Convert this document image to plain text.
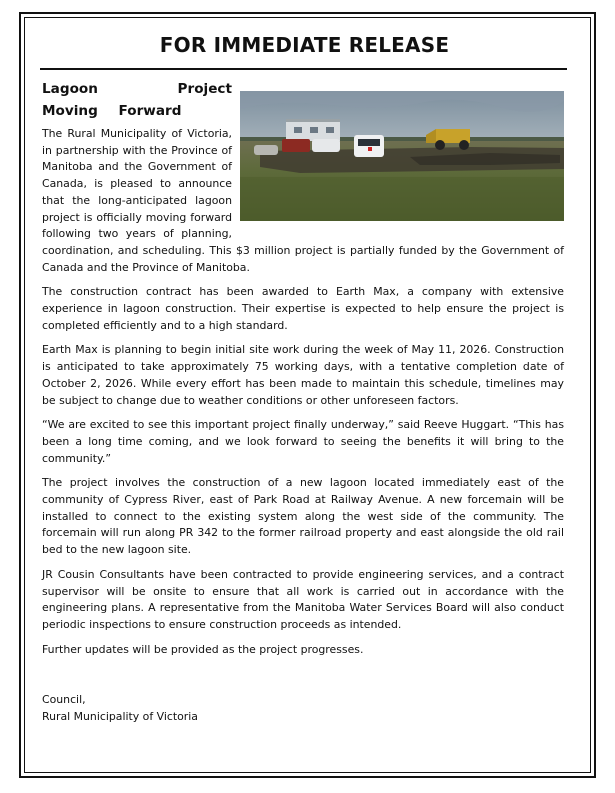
FOR IMMEDIATE RELEASE
Lagoon Project Moving Forward

The Rural Municipality of Victoria, in partnership with the Province of Manitoba and the Government of Canada, is pleased to announce that the long-anticipated lagoon project is officially moving forward following two years of planning, coordination, and scheduling. This $3 million project is partially funded by the Government of Canada and the Province of Manitoba.

The construction contract has been awarded to Earth Max, a company with extensive experience in lagoon construction. Their expertise is expected to help ensure the project is completed efficiently and to a high standard.

Earth Max is planning to begin initial site work during the week of May 11, 2026. Construction is anticipated to take approximately 75 working days, with a tentative completion date of October 2, 2026. While every effort has been made to maintain this schedule, timelines may be subject to change due to weather conditions or other unforeseen factors.

“We are excited to see this important project finally underway,” said Reeve Huggart. “This has been a long time coming, and we look forward to seeing the benefits it will bring to the community.”

The project involves the construction of a new lagoon located immediately east of the community of Cypress River, east of Park Road at Railway Avenue. A new forcemain will be installed to connect to the existing system along the west side of the community. The forcemain will run along PR 342 to the former railroad property and east alongside the old rail bed to the new lagoon site.

JR Cousin Consultants have been contracted to provide engineering services, and a contract supervisor will be onsite to ensure that all work is carried out in accordance with the engineering plans. A representative from the Manitoba Water Services Board will also conduct periodic inspections to ensure construction proceeds as intended.

Further updates will be provided as the project progresses.

Council,
Rural Municipality of Victoria
